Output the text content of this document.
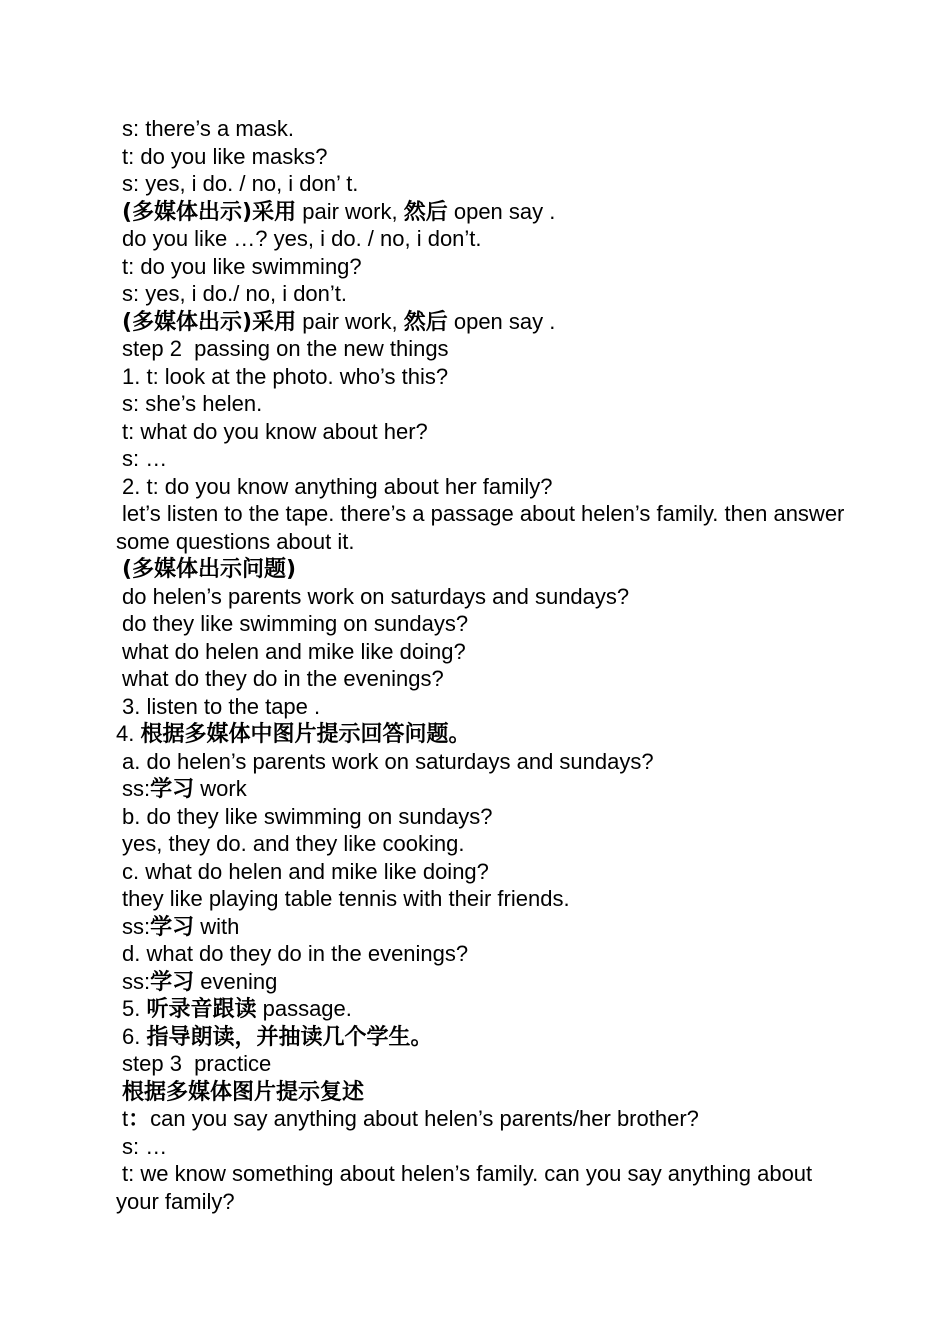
s: there’s a mask.
t: do you like masks?
s: yes, i do. / no, i don’ t.
(多媒体出示)采用 pair work, 然后 open say .
do you like …? yes, i do. / no, i don’t.
t: do you like swimming?
s: yes, i do./ no, i don’t.
(多媒体出示)采用 pair work, 然后 open say .
step 2  passing on the new things
1. t: look at the photo. who’s this?
s: she’s helen.
t: what do you know about her?
s: …
2. t: do you know anything about her family?
let’s listen to the tape. there’s a passage about helen’s family. then answer some questions about it.
(多媒体出示问题)
do helen’s parents work on saturdays and sundays?
do they like swimming on sundays?
what do helen and mike like doing?
what do they do in the evenings?
3. listen to the tape .
4. 根据多媒体中图片提示回答问题。
a. do helen’s parents work on saturdays and sundays?
ss:学习 work
b. do they like swimming on sundays?
yes, they do. and they like cooking.
c. what do helen and mike like doing?
they like playing table tennis with their friends.
ss:学习 with
d. what do they do in the evenings?
ss:学习 evening
5. 听录音跟读 passage.
6. 指导朗读，并抽读几个学生。
step 3  practice
根据多媒体图片提示复述
t：can you say anything about helen’s parents/her brother?
s: …
t: we know something about helen’s family. can you say anything about your family?
